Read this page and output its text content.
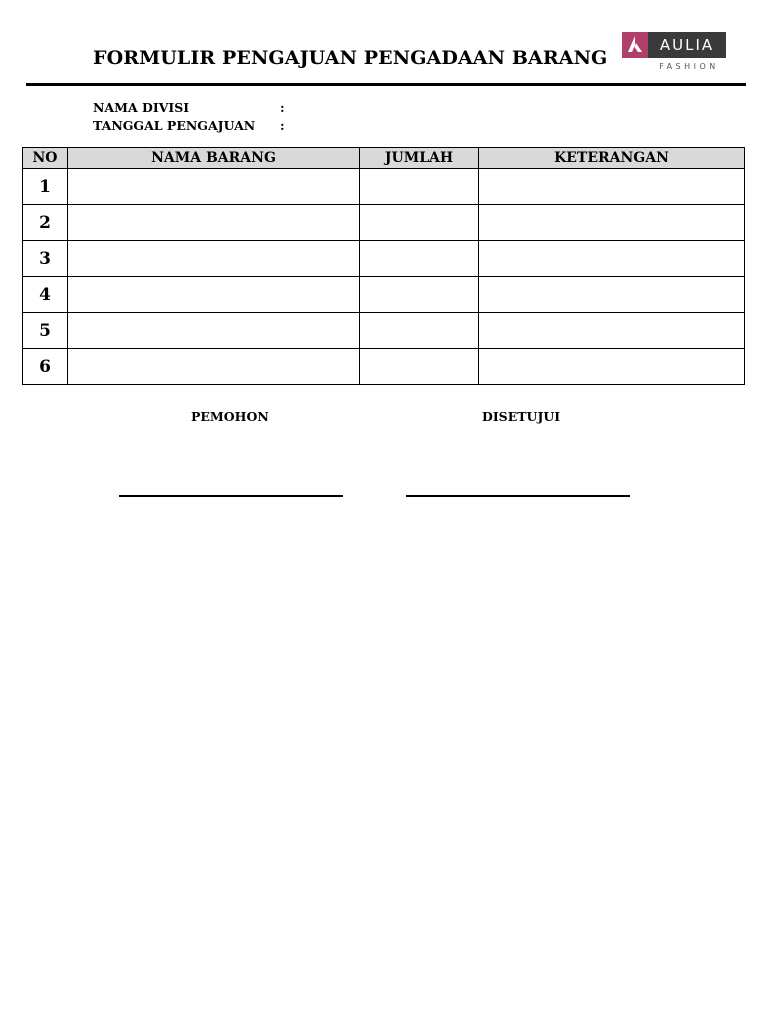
FORMULIR PENGAJUAN PENGADAAN BARANG
AULIA
FASHION
NAMA DIVISI	:
TANGGAL PENGAJUAN :
NO	NAMA BARANG	JUMLAH	KETERANGAN
1			
2			
3			
4			
5			
6			
PEMOHON	DISETUJUI
